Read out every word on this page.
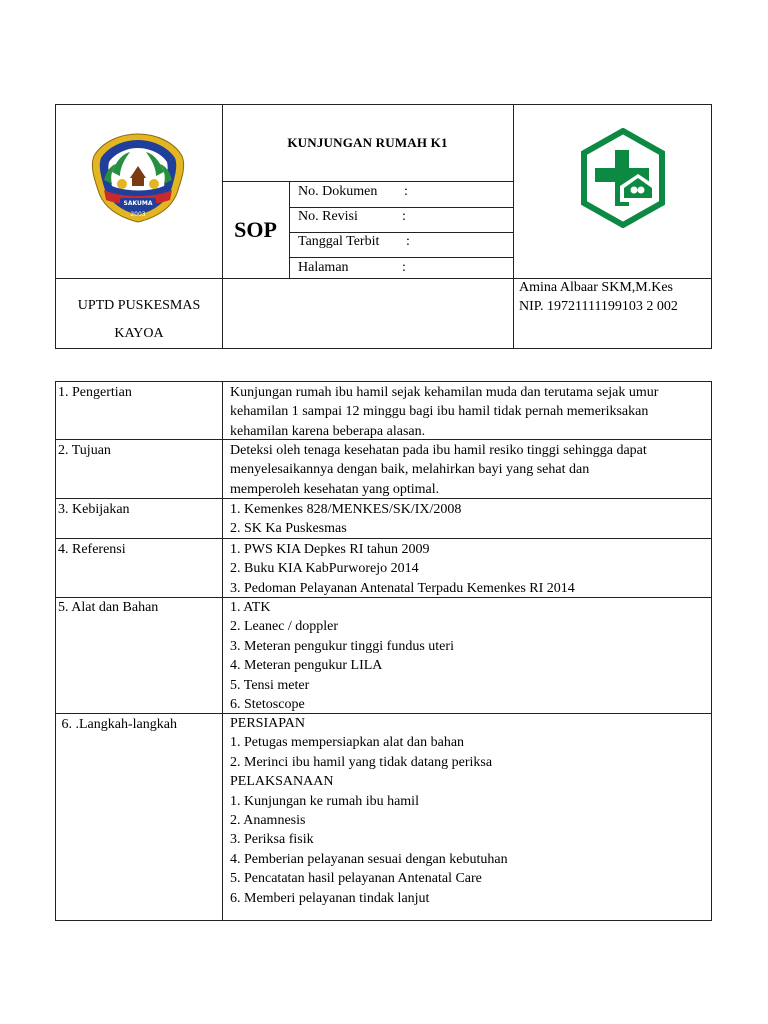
SAKUMA
2003
KUNJUNGAN RUMAH K1
SOP
No. Dokumen :
No. Revisi	:
Tanggal Terbit :
Halaman	:
UPTD PUSKESMAS
KAYOA
Amina Albaar SKM,M.Kes
NIP. 19721111199103 2 002
1. Pengertian	Kunjungan rumah ibu hamil sejak kehamilan muda dan terutama sejak umur
kehamilan 1 sampai 12 minggu bagi ibu hamil tidak pernah memeriksakan
kehamilan karena beberapa alasan.
2. Tujuan	Deteksi oleh tenaga kesehatan pada ibu hamil resiko tinggi sehingga dapat
menyelesaikannya dengan baik, melahirkan bayi yang sehat dan
memperoleh kesehatan yang optimal.
3. Kebijakan	1. Kemenkes 828/MENKES/SK/IX/2008
2. SK Ka Puskesmas
4. Referensi	1. PWS KIA Depkes RI tahun 2009
2. Buku KIA KabPurworejo 2014
3. Pedoman Pelayanan Antenatal Terpadu Kemenkes RI 2014
5. Alat dan Bahan	1. ATK
2. Leanec / doppler
3. Meteran pengukur tinggi fundus uteri
4. Meteran pengukur LILA
5. Tensi meter
6. Stetoscope
6. .Langkah-langkah	PERSIAPAN
1. Petugas mempersiapkan alat dan bahan
2. Merinci ibu hamil yang tidak datang periksa
PELAKSANAAN
1. Kunjungan ke rumah ibu hamil
2. Anamnesis
3. Periksa fisik
4. Pemberian pelayanan sesuai dengan kebutuhan
5. Pencatatan hasil pelayanan Antenatal Care
6. Memberi pelayanan tindak lanjut
